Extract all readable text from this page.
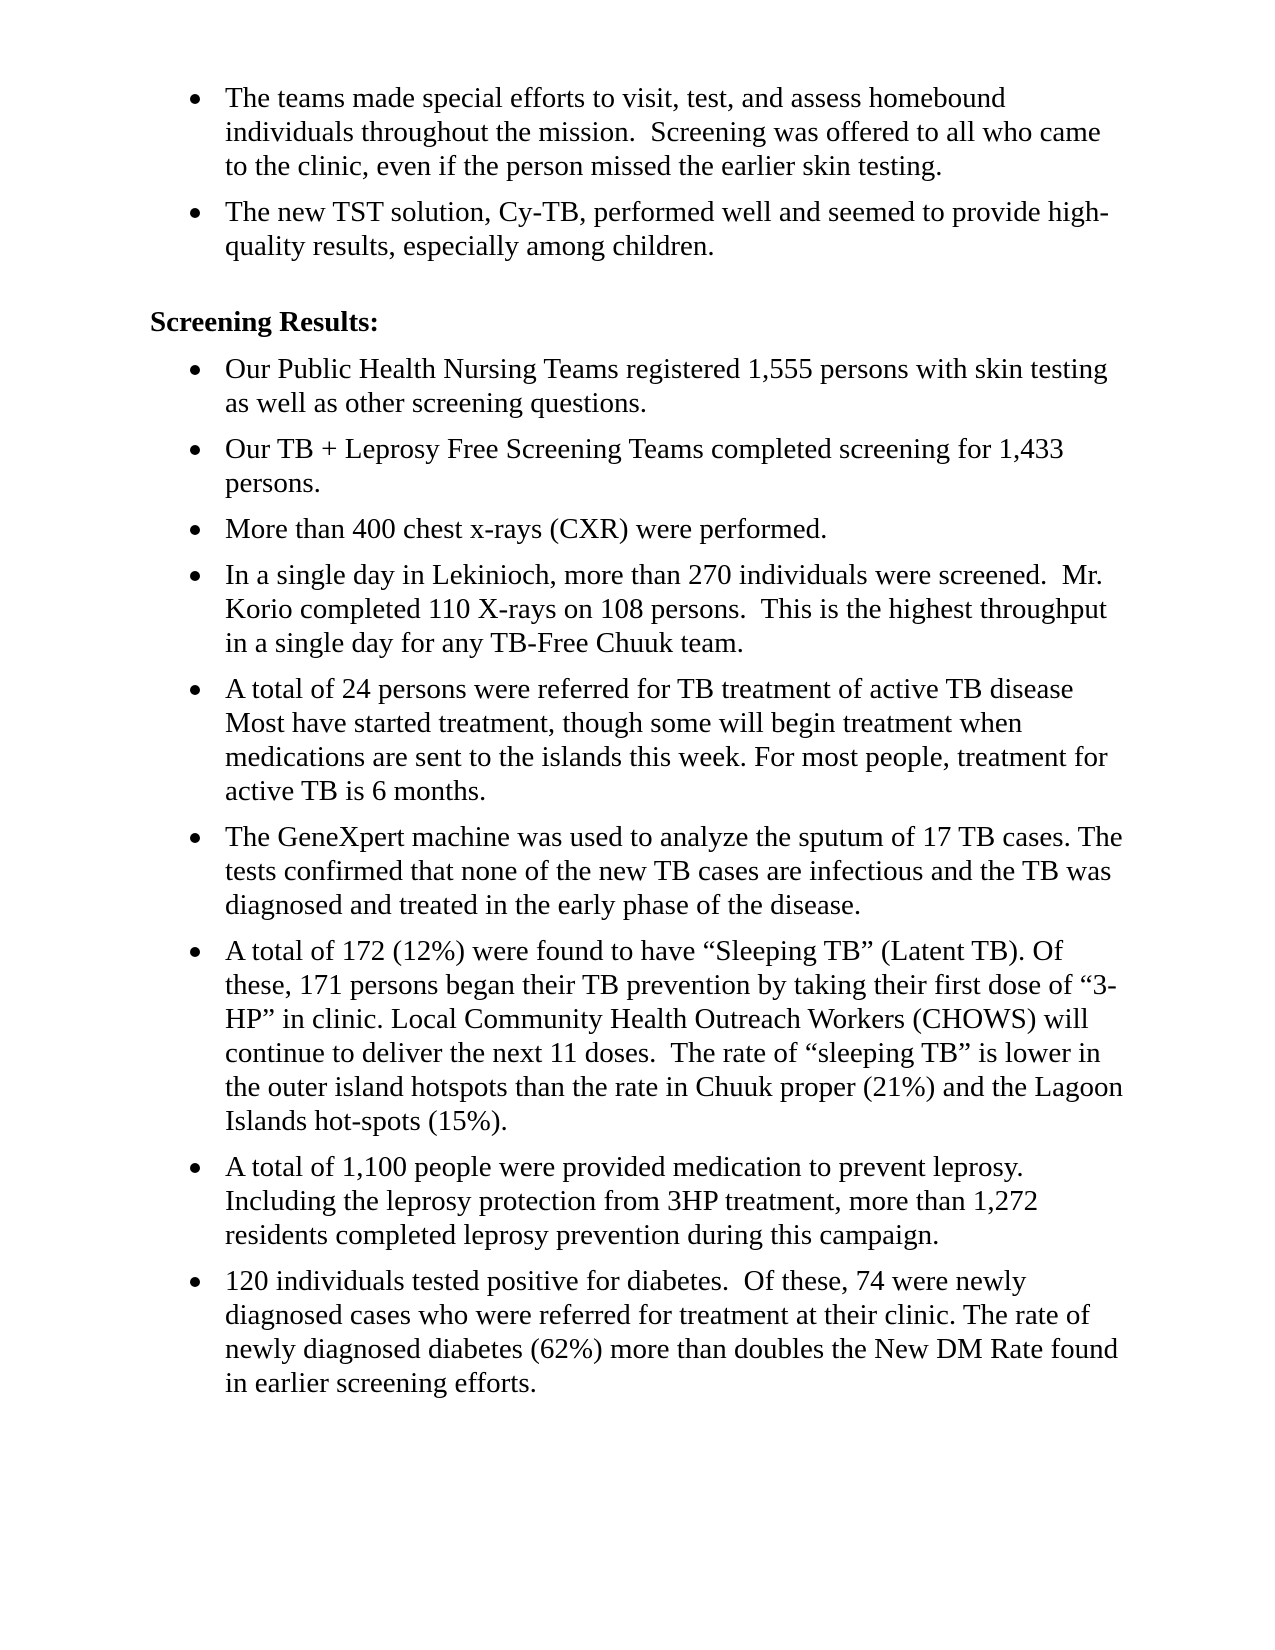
The teams made special efforts to visit, test, and assess homebound individuals throughout the mission.  Screening was offered to all who came to the clinic, even if the person missed the earlier skin testing.
The new TST solution, Cy-TB, performed well and seemed to provide high-quality results, especially among children.
Screening Results:
Our Public Health Nursing Teams registered 1,555 persons with skin testing as well as other screening questions.
Our TB + Leprosy Free Screening Teams completed screening for 1,433 persons.
More than 400 chest x-rays (CXR) were performed.
In a single day in Lekinioch, more than 270 individuals were screened.  Mr. Korio completed 110 X-rays on 108 persons.  This is the highest throughput in a single day for any TB-Free Chuuk team.
A total of 24 persons were referred for TB treatment of active TB disease Most have started treatment, though some will begin treatment when medications are sent to the islands this week. For most people, treatment for active TB is 6 months.
The GeneXpert machine was used to analyze the sputum of 17 TB cases. The tests confirmed that none of the new TB cases are infectious and the TB was diagnosed and treated in the early phase of the disease.
A total of 172 (12%) were found to have “Sleeping TB” (Latent TB). Of these, 171 persons began their TB prevention by taking their first dose of “3-HP” in clinic. Local Community Health Outreach Workers (CHOWS) will continue to deliver the next 11 doses.  The rate of “sleeping TB” is lower in the outer island hotspots than the rate in Chuuk proper (21%) and the Lagoon Islands hot-spots (15%).
A total of 1,100 people were provided medication to prevent leprosy. Including the leprosy protection from 3HP treatment, more than 1,272 residents completed leprosy prevention during this campaign.
120 individuals tested positive for diabetes.  Of these, 74 were newly diagnosed cases who were referred for treatment at their clinic. The rate of newly diagnosed diabetes (62%) more than doubles the New DM Rate found in earlier screening efforts.
